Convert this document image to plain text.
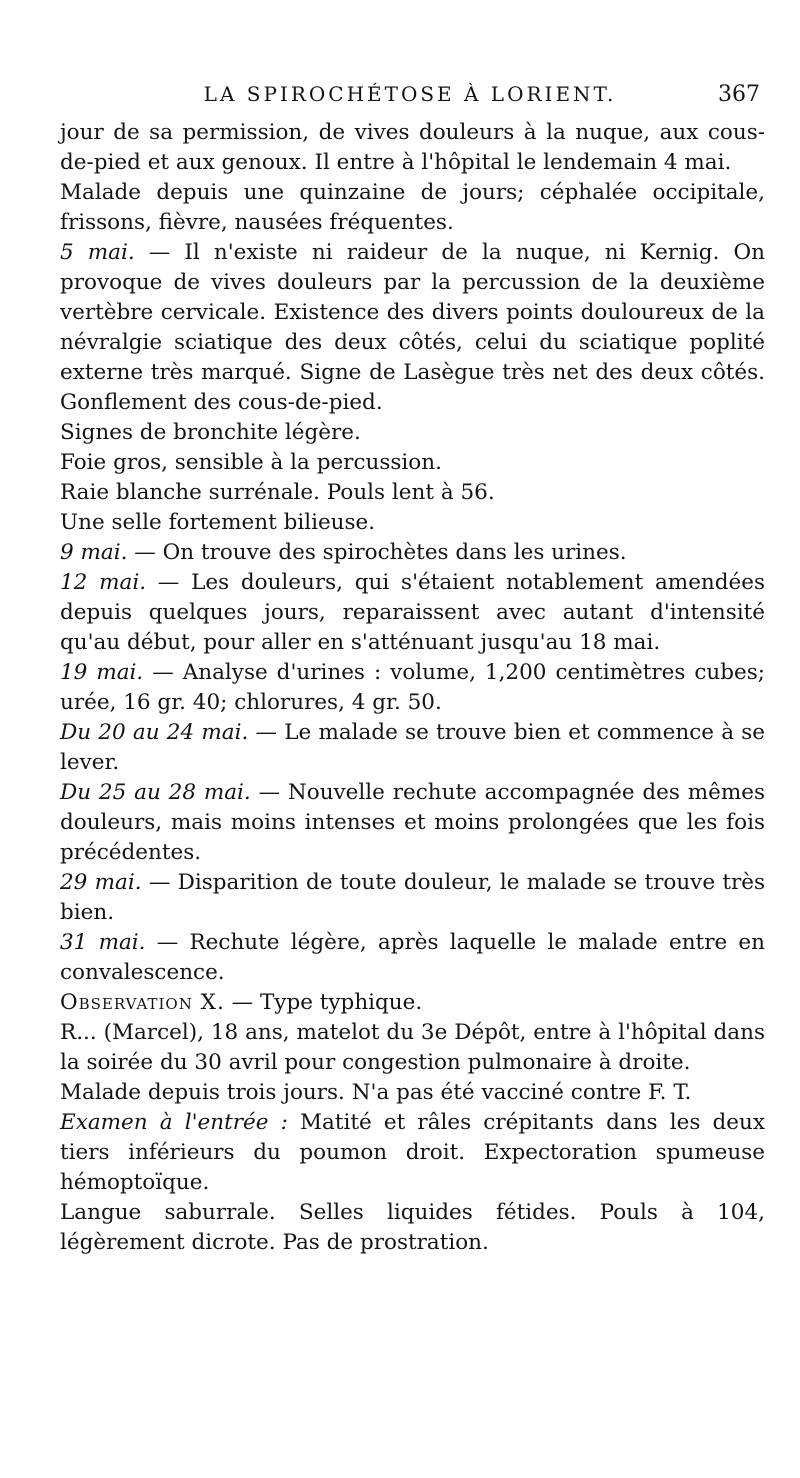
LA SPIROCHÉTOSE À LORIENT.	367

jour de sa permission, de vives douleurs à la nuque, aux cous-de-pied et aux genoux. Il entre à l'hôpital le lendemain 4 mai.

Malade depuis une quinzaine de jours; céphalée occipitale, frissons, fièvre, nausées fréquentes.

5 mai. — Il n'existe ni raideur de la nuque, ni Kernig. On provoque de vives douleurs par la percussion de la deuxième vertèbre cervicale. Existence des divers points douloureux de la névralgie sciatique des deux côtés, celui du sciatique poplité externe très marqué. Signe de Lasègue très net des deux côtés. Gonflement des cous-de-pied.

Signes de bronchite légère.

Foie gros, sensible à la percussion.

Raie blanche surrénale. Pouls lent à 56.

Une selle fortement bilieuse.

9 mai. — On trouve des spirochètes dans les urines.

12 mai. — Les douleurs, qui s'étaient notablement amendées depuis quelques jours, reparaissent avec autant d'intensité qu'au début, pour aller en s'atténuant jusqu'au 18 mai.

19 mai. — Analyse d'urines : volume, 1,200 centimètres cubes; urée, 16 gr. 40; chlorures, 4 gr. 50.

Du 20 au 24 mai. — Le malade se trouve bien et commence à se lever.

Du 25 au 28 mai. — Nouvelle rechute accompagnée des mêmes douleurs, mais moins intenses et moins prolongées que les fois précédentes.

29 mai. — Disparition de toute douleur, le malade se trouve très bien.

31 mai. — Rechute légère, après laquelle le malade entre en convalescence.

Observation X. — Type typhique.

R... (Marcel), 18 ans, matelot du 3e Dépôt, entre à l'hôpital dans la soirée du 30 avril pour congestion pulmonaire à droite.

Malade depuis trois jours. N'a pas été vacciné contre F. T.

Examen à l'entrée : Matité et râles crépitants dans les deux tiers inférieurs du poumon droit. Expectoration spumeuse hémoptoïque.

Langue saburrale. Selles liquides fétides. Pouls à 104, légèrement dicrote. Pas de prostration.
